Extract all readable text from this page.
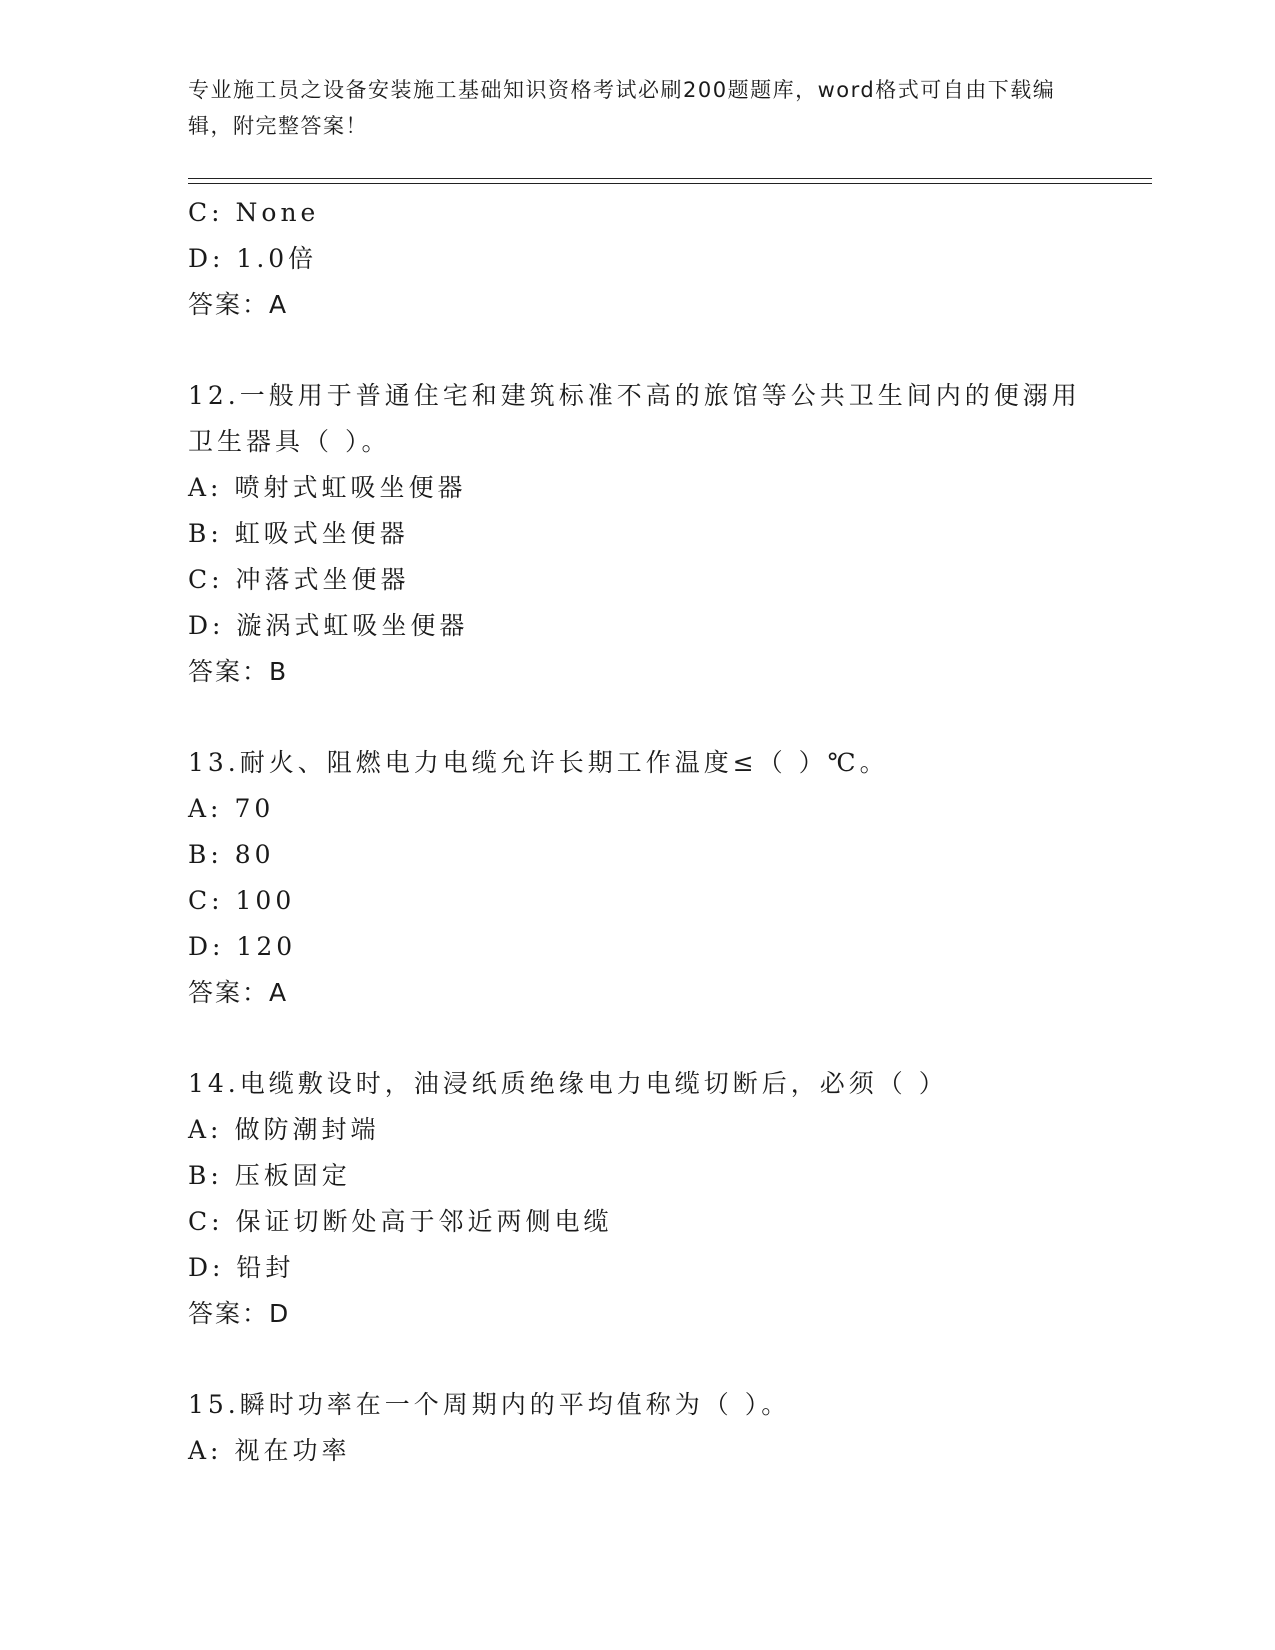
专业施工员之设备安装施工基础知识资格考试必刷200题题库，word格式可自由下载编辑，附完整答案！
C: None
D: 1.0倍
答案：A
12.一般用于普通住宅和建筑标准不高的旅馆等公共卫生间内的便溺用卫生器具（ ）。
A: 喷射式虹吸坐便器
B: 虹吸式坐便器
C: 冲落式坐便器
D: 漩涡式虹吸坐便器
答案：B
13.耐火、阻燃电力电缆允许长期工作温度≤（ ）℃。
A: 70
B: 80
C: 100
D: 120
答案：A
14.电缆敷设时，油浸纸质绝缘电力电缆切断后，必须（ ）
A: 做防潮封端
B: 压板固定
C: 保证切断处高于邻近两侧电缆
D: 铅封
答案：D
15.瞬时功率在一个周期内的平均值称为（ ）。
A: 视在功率
